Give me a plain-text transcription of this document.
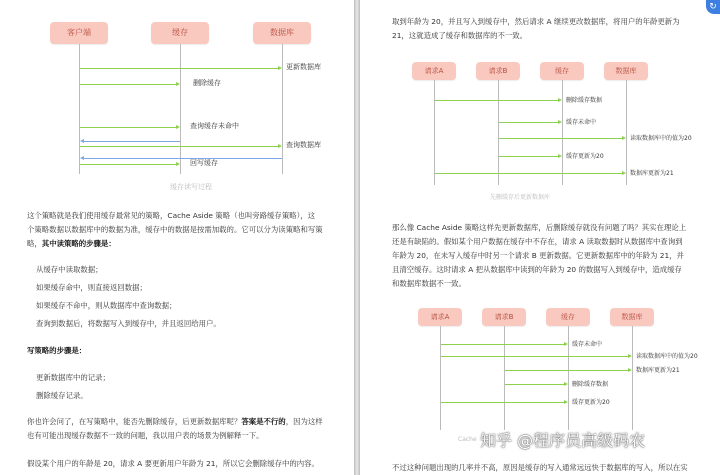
客户端	缓存	数据库
更新数据库
删除缓存
查询缓存未命中
查询数据库
回写缓存
缓存读写过程
这个策略就是我们使用缓存最常见的策略，Cache Aside 策略（也叫旁路缓存策略），这
个策略数据以数据库中的数据为准，缓存中的数据是按需加载的。它可以分为读策略和写策
略，其中读策略的步骤是：
从缓存中读取数据；
如果缓存命中，则直接返回数据；
如果缓存不命中，则从数据库中查询数据；
查询到数据后，将数据写入到缓存中，并且返回给用户。
写策略的步骤是：
更新数据库中的记录；
删除缓存记录。
你也许会问了，在写策略中，能否先删除缓存，后更新数据库呢？答案是不行的，因为这样
也有可能出现缓存数据不一致的问题，我以用户表的场景为例解释一下。
假设某个用户的年龄是 20，请求 A 要更新用户年龄为 21，所以它会删除缓存中的内容。
取到年龄为 20，并且写入到缓存中，然后请求 A 继续更改数据库，将用户的年龄更新为
21，这就造成了缓存和数据库的不一致。
请求A	请求B	缓存	数据库
删除缓存数据
缓存未命中
读取数据库中的值为20
缓存更新为20
数据库更新为21
先删缓存后更新数据库
那么像 Cache Aside 策略这样先更新数据库，后删除缓存就没有问题了吗？其实在理论上
还是有缺陷的。假如某个用户数据在缓存中不存在，请求 A 读取数据时从数据库中查询到
年龄为 20，在未写入缓存中时另一个请求 B 更新数据。它更新数据库中的年龄为 21，并
且清空缓存。这时请求 A 把从数据库中读到的年龄为 20 的数据写入到缓存中，造成缓存
和数据库数据不一致。
请求A	请求B	缓存	数据库
缓存未命中
读取数据库中的值为20
数据库更新为21
删除缓存数据
缓存更新为20
Cache
不过这种问题出现的几率并不高，原因是缓存的写入通常远远快于数据库的写入，所以在实
↻
知乎 @程序员高级码农
